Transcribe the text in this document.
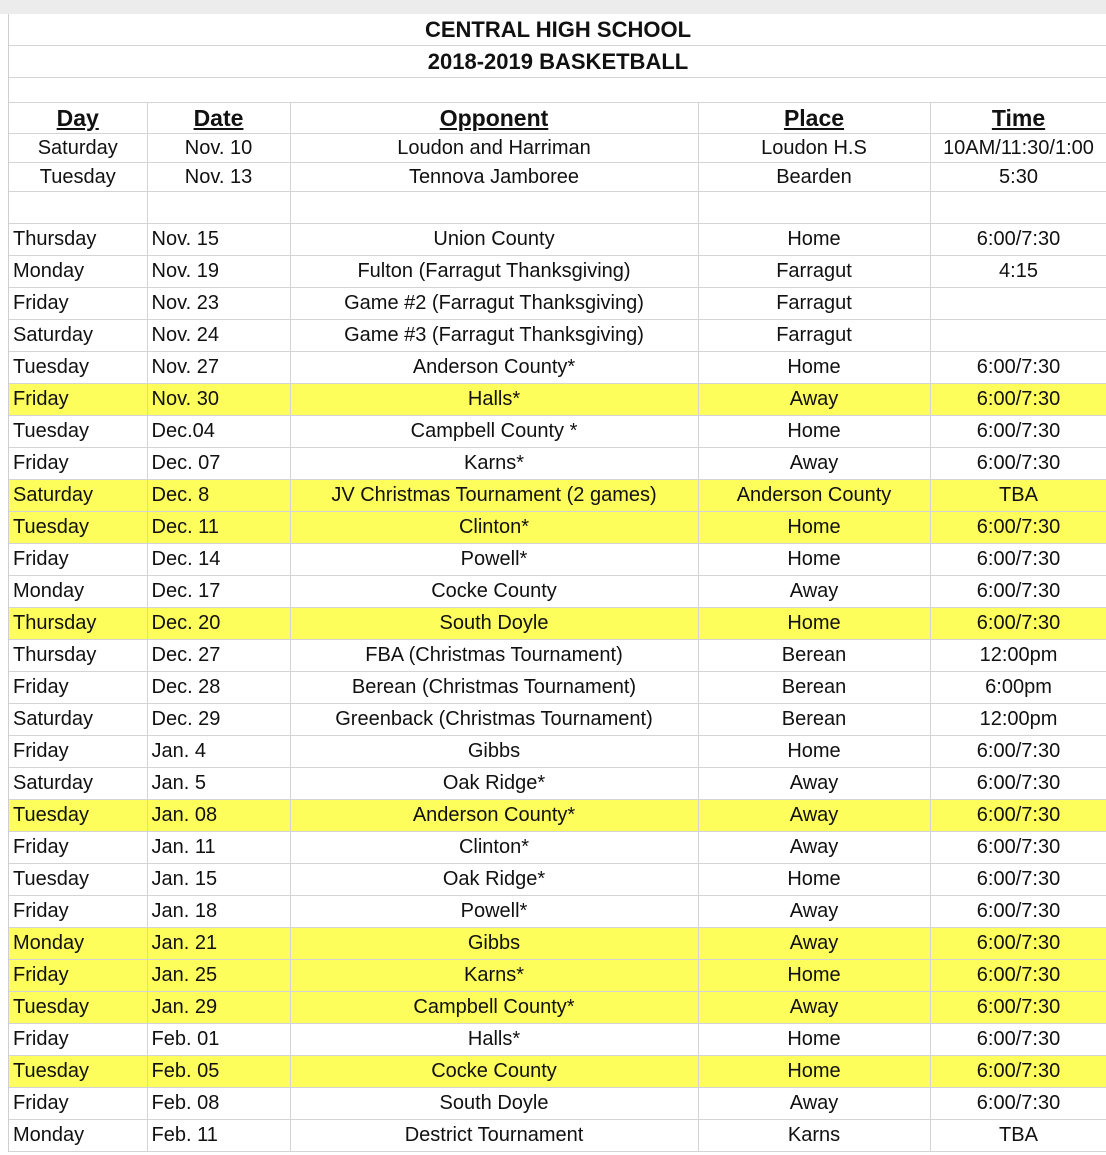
CENTRAL HIGH SCHOOL
2018-2019 BASKETBALL
Day	Date	Opponent	Place	Time
Saturday	Nov. 10	Loudon and Harriman	Loudon H.S	10AM/11:30/1:00
Tuesday	Nov. 13	Tennova Jamboree	Bearden	5:30

Thursday	Nov. 15	Union County	Home	6:00/7:30
Monday	Nov. 19	Fulton (Farragut Thanksgiving)	Farragut	4:15
Friday	Nov. 23	Game #2 (Farragut Thanksgiving)	Farragut	
Saturday	Nov. 24	Game #3 (Farragut Thanksgiving)	Farragut	
Tuesday	Nov. 27	Anderson County*	Home	6:00/7:30
Friday	Nov. 30	Halls*	Away	6:00/7:30
Tuesday	Dec.04	Campbell County *	Home	6:00/7:30
Friday	Dec. 07	Karns*	Away	6:00/7:30
Saturday	Dec. 8	JV Christmas Tournament (2 games)	Anderson County	TBA
Tuesday	Dec. 11	Clinton*	Home	6:00/7:30
Friday	Dec. 14	Powell*	Home	6:00/7:30
Monday	Dec. 17	Cocke County	Away	6:00/7:30
Thursday	Dec. 20	South Doyle	Home	6:00/7:30
Thursday	Dec. 27	FBA (Christmas Tournament)	Berean	12:00pm
Friday	Dec. 28	Berean (Christmas Tournament)	Berean	6:00pm
Saturday	Dec. 29	Greenback (Christmas Tournament)	Berean	12:00pm
Friday	Jan. 4	Gibbs	Home	6:00/7:30
Saturday	Jan. 5	Oak Ridge*	Away	6:00/7:30
Tuesday	Jan. 08	Anderson County*	Away	6:00/7:30
Friday	Jan. 11	Clinton*	Away	6:00/7:30
Tuesday	Jan. 15	Oak Ridge*	Home	6:00/7:30
Friday	Jan. 18	Powell*	Away	6:00/7:30
Monday	Jan. 21	Gibbs	Away	6:00/7:30
Friday	Jan. 25	Karns*	Home	6:00/7:30
Tuesday	Jan. 29	Campbell County*	Away	6:00/7:30
Friday	Feb. 01	Halls*	Home	6:00/7:30
Tuesday	Feb. 05	Cocke County	Home	6:00/7:30
Friday	Feb. 08	South Doyle	Away	6:00/7:30
Monday	Feb. 11	Destrict Tournament	Karns	TBA
